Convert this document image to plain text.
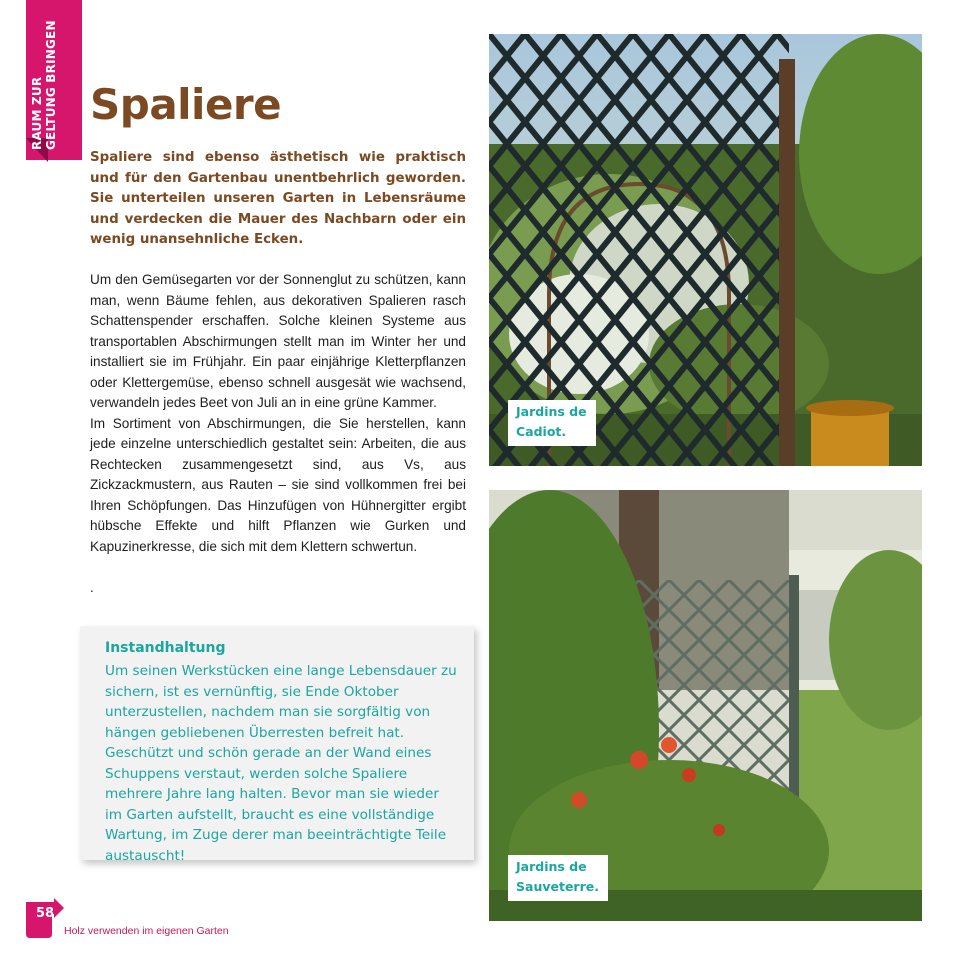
RAUM ZUR GELTUNG BRINGEN Spaliere

Spaliere sind ebenso ästhetisch wie praktisch und für den Gartenbau unentbehrlich geworden. Sie unterteilen unseren Garten in Lebensräume und verdecken die Mauer des Nachbarn oder ein wenig unansehnliche Ecken.

Um den Gemüsegarten vor der Sonnenglut zu schützen, kann man, wenn Bäume fehlen, aus dekorativen Spalieren rasch Schattenspender erschaffen. Solche kleinen Systeme aus transportablen Abschirmungen stellt man im Winter her und installiert sie im Frühjahr. Ein paar einjährige Kletterpflanzen oder Klettergemüse, ebenso schnell ausgesät wie wachsend, verwandeln jedes Beet von Juli an in eine grüne Kammer.

Im Sortiment von Abschirmungen, die Sie herstellen, kann jede einzelne unterschiedlich gestaltet sein: Arbeiten, die aus Rechtecken zusammengesetzt sind, aus Vs, aus Zickzackmustern, aus Rauten – sie sind vollkommen frei bei Ihren Schöpfungen. Das Hinzufügen von Hühnergitter ergibt hübsche Effekte und hilft Pflanzen wie Gurken und Kapuzinerkresse, die sich mit dem Klettern schwertun.

.
Instandhaltung

Um seinen Werkstücken eine lange Lebensdauer zu sichern, ist es vernünftig, sie Ende Oktober unterzustellen, nachdem man sie sorgfältig von hängen gebliebenen Überresten befreit hat. Geschützt und schön gerade an der Wand eines Schuppens verstaut, werden solche Spaliere mehrere Jahre lang halten. Bevor man sie wieder im Garten aufstellt, braucht es eine vollständige Wartung, im Zuge derer man beeinträchtigte Teile austauscht!

Jardins de
Cadiot.
Jardins de
Sauveterre.
58
Holz verwenden im eigenen Garten
